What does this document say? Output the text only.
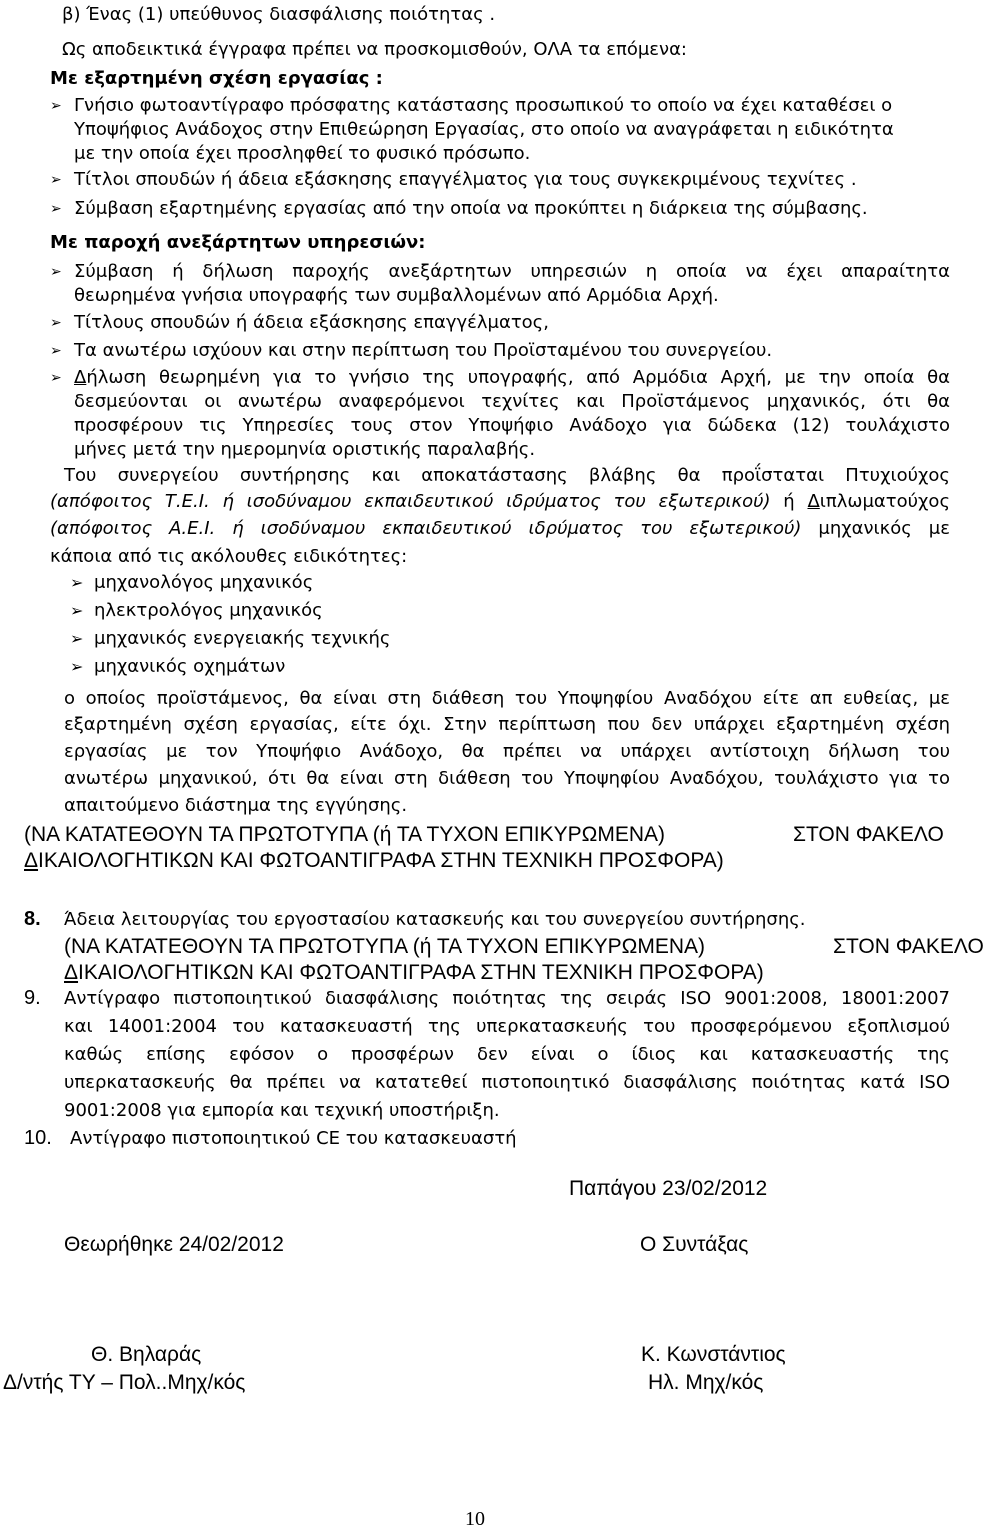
β) Ένας (1) υπεύθυνος διασφάλισης ποιότητας .
Ως αποδεικτικά έγγραφα πρέπει να προσκομισθούν, ΟΛΑ τα επόμενα:
Με εξαρτημένη σχέση εργασίας :
➢ Γνήσιο φωτοαντίγραφο πρόσφατης κατάστασης προσωπικού το οποίο να έχει καταθέσει ο
Υποψήφιος Ανάδοχος στην Επιθεώρηση Εργασίας, στο οποίο να αναγράφεται η ειδικότητα
με την οποία έχει προσληφθεί το φυσικό πρόσωπο.
➢ Τίτλοι σπουδών ή άδεια εξάσκησης επαγγέλματος για τους συγκεκριμένους τεχνίτες .
➢ Σύμβαση εξαρτημένης εργασίας από την οποία να προκύπτει η διάρκεια της σύμβασης.
Με παροχή ανεξάρτητων υπηρεσιών:
➢ Σύμβαση ή δήλωση παροχής ανεξάρτητων υπηρεσιών η οποία να έχει απαραίτητα
θεωρημένα γνήσια υπογραφής των συμβαλλομένων από Αρμόδια Αρχή.
➢ Τίτλους σπουδών ή άδεια εξάσκησης επαγγέλματος,
➢ Τα ανωτέρω ισχύουν και στην περίπτωση του Προϊσταμένου του συνεργείου.
➢ Δήλωση θεωρημένη για το γνήσιο της υπογραφής, από Αρμόδια Αρχή, με την οποία θα
δεσμεύονται οι ανωτέρω αναφερόμενοι τεχνίτες και Προϊστάμενος μηχανικός, ότι θα
προσφέρουν τις Υπηρεσίες τους στον Υποψήφιο Ανάδοχο για δώδεκα (12) τουλάχιστο
μήνες μετά την ημερομηνία οριστικής παραλαβής.
Του συνεργείου συντήρησης και αποκατάστασης βλάβης θα προΐσταται Πτυχιούχος
(απόφοιτος Τ.Ε.Ι. ή ισοδύναμου εκπαιδευτικού ιδρύματος του εξωτερικού) ή Διπλωματούχος
(απόφοιτος Α.Ε.Ι. ή ισοδύναμου εκπαιδευτικού ιδρύματος του εξωτερικού) μηχανικός με
κάποια από τις ακόλουθες ειδικότητες:
➢ μηχανολόγος μηχανικός
➢ ηλεκτρολόγος μηχανικός
➢ μηχανικός ενεργειακής τεχνικής
➢ μηχανικός οχημάτων
ο οποίος προϊστάμενος, θα είναι στη διάθεση του Υποψηφίου Αναδόχου είτε απ ευθείας, με
εξαρτημένη σχέση εργασίας, είτε όχι. Στην περίπτωση που δεν υπάρχει εξαρτημένη σχέση
εργασίας με τον Υποψήφιο Ανάδοχο, θα πρέπει να υπάρχει αντίστοιχη δήλωση του
ανωτέρω μηχανικού, ότι θα είναι στη διάθεση του Υποψηφίου Αναδόχου, τουλάχιστο για το
απαιτούμενο διάστημα της εγγύησης.
(ΝΑ ΚΑΤΑΤΕΘΟΥΝ ΤΑ ΠΡΩΤΟΤΥΠΑ (ή ΤΑ ΤΥΧΟΝ ΕΠΙΚΥΡΩΜΕΝΑ)	ΣΤΟΝ ΦΑΚΕΛΟ
ΔΙΚΑΙΟΛΟΓΗΤΙΚΩΝ ΚΑΙ ΦΩΤΟΑΝΤΙΓΡΑΦΑ ΣΤΗΝ ΤΕΧΝΙΚΗ ΠΡΟΣΦΟΡΑ)
8. Άδεια λειτουργίας του εργοστασίου κατασκευής και του συνεργείου συντήρησης.
(ΝΑ ΚΑΤΑΤΕΘΟΥΝ ΤΑ ΠΡΩΤΟΤΥΠΑ (ή ΤΑ ΤΥΧΟΝ ΕΠΙΚΥΡΩΜΕΝΑ)	ΣΤΟΝ ΦΑΚΕΛΟ
ΔΙΚΑΙΟΛΟΓΗΤΙΚΩΝ ΚΑΙ ΦΩΤΟΑΝΤΙΓΡΑΦΑ ΣΤΗΝ ΤΕΧΝΙΚΗ ΠΡΟΣΦΟΡΑ)
9. Αντίγραφο πιστοποιητικού διασφάλισης ποιότητας της σειράς ISO 9001:2008, 18001:2007
και 14001:2004 του κατασκευαστή της υπερκατασκευής του προσφερόμενου εξοπλισμού
καθώς επίσης εφόσον ο προσφέρων δεν είναι ο ίδιος και κατασκευαστής της
υπερκατασκευής θα πρέπει να κατατεθεί πιστοποιητικό διασφάλισης ποιότητας κατά ISO
9001:2008 για εμπορία και τεχνική υποστήριξη.
10. Αντίγραφο πιστοποιητικού CE του κατασκευαστή
Παπάγου 23/02/2012
Θεωρήθηκε 24/02/2012	Ο Συντάξας
Θ. Βηλαράς
Δ/ντής ΤΥ – Πολ..Μηχ/κός
Κ. Κωνστάντιος
Ηλ. Μηχ/κός
10
